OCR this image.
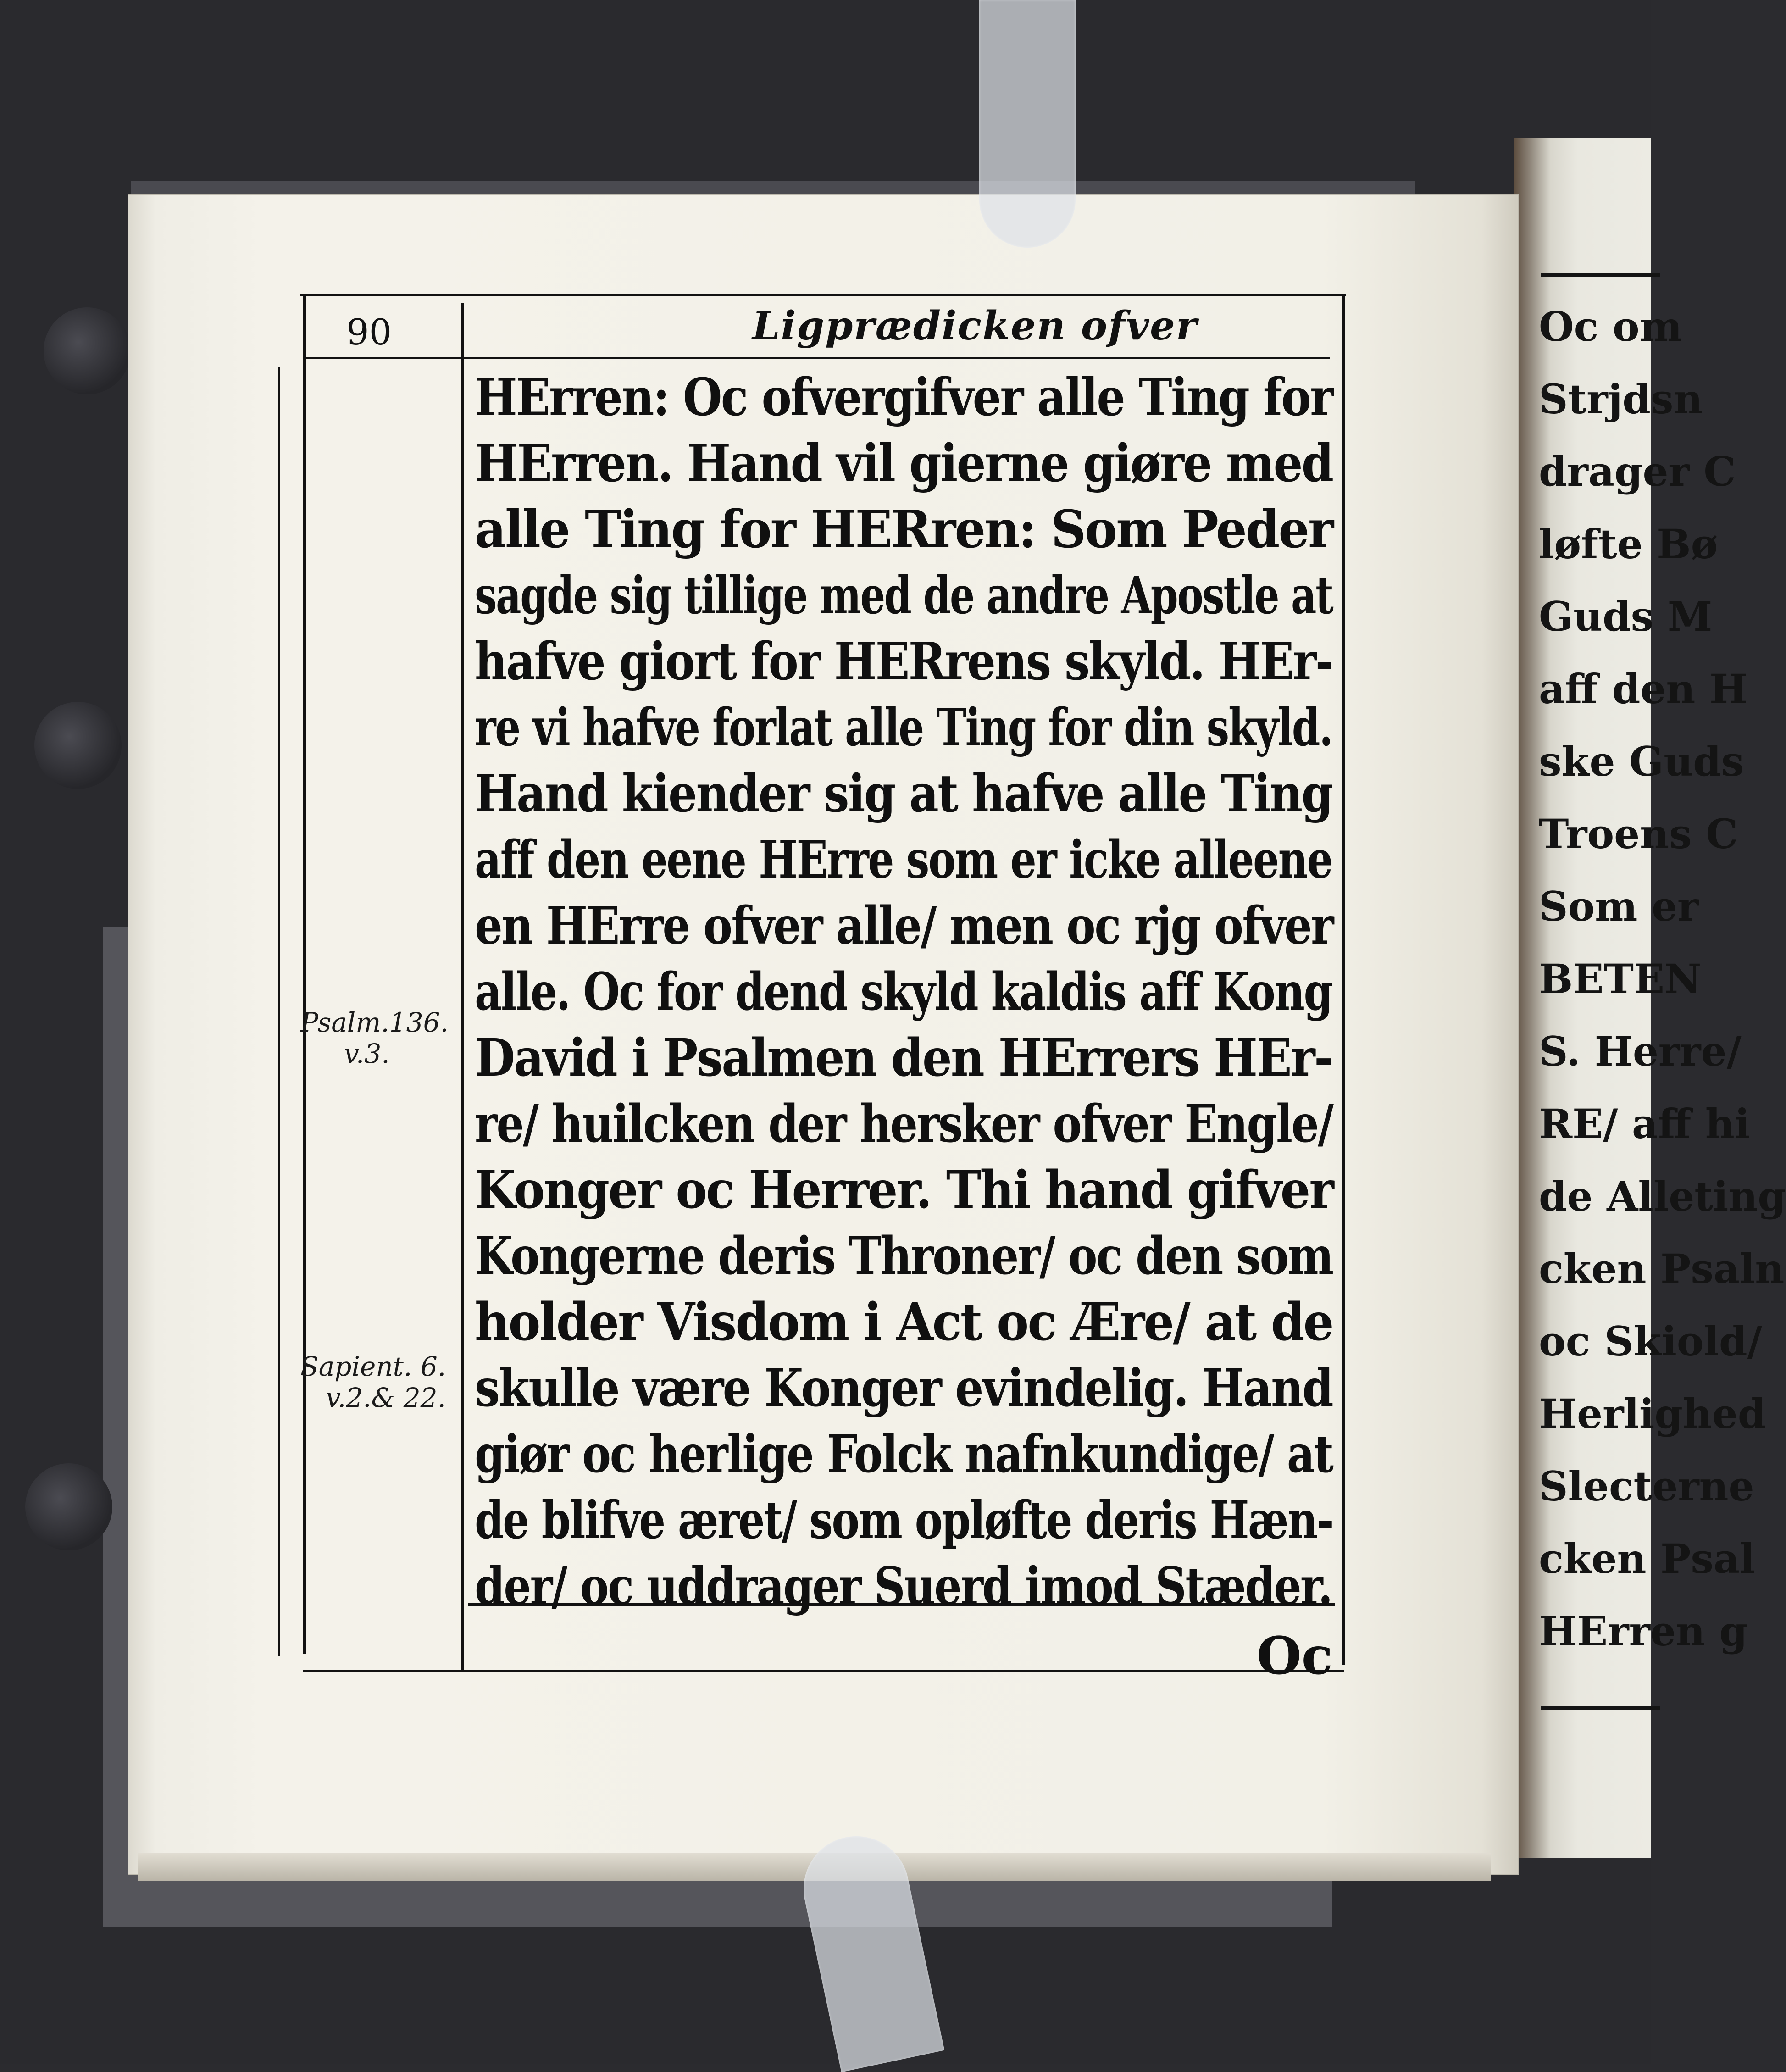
Oc om
Strjdsn
drager C
løfte Bø
Guds M
aff den H
ske Guds
Troens C
Som er
BETEN
S. Herre/
RE/ aff hi
de Alleting
cken Psaln
oc Skiold/
Herlighed
Slecterne
cken Psal
HErren g
90	Ligprædicken ofver
Psalm.136.
v.3.
Sapient. 6.
v.2.& 22.
HErren: Oc ofvergifver alle Ting for
HErren. Hand vil gierne giøre med
alle Ting for HERren: Som Peder
sagde sig tillige med de andre Apostle at
hafve giort for HERrens skyld. HEr-
re vi hafve forlat alle Ting for din skyld.
Hand kiender sig at hafve alle Ting
aff den eene HErre som er icke alleene
en HErre ofver alle/ men oc rjg ofver
alle. Oc for dend skyld kaldis aff Kong
David i Psalmen den HErrers HEr-
re/ huilcken der hersker ofver Engle/
Konger oc Herrer. Thi hand gifver
Kongerne deris Throner/ oc den som
holder Visdom i Act oc Ære/ at de
skulle være Konger evindelig. Hand
giør oc herlige Folck nafnkundige/ at
de blifve æret/ som opløfte deris Hæn-
der/ oc uddrager Suerd imod Stæder.
Oc
